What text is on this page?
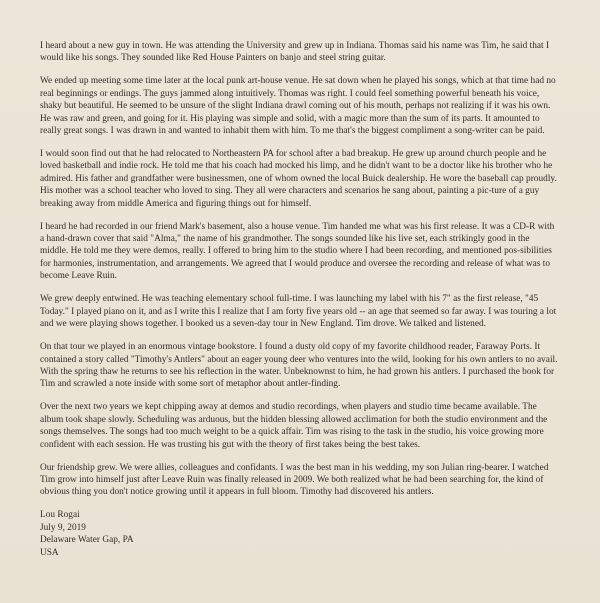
I heard about a new guy in town. He was attending the University and grew up in Indiana. Thomas said his name was Tim, he said that I would like his songs. They sounded like Red House Painters on banjo and steel string guitar.

We ended up meeting some time later at the local punk art-house venue. He sat down when he played his songs, which at that time had no real beginnings or endings. The guys jammed along intuitively. Thomas was right. I could feel something powerful beneath his voice, shaky but beautiful. He seemed to be unsure of the slight Indiana drawl coming out of his mouth, perhaps not realizing if it was his own. He was raw and green, and going for it. His playing was simple and solid, with a magic more than the sum of its parts. It amounted to really great songs. I was drawn in and wanted to inhabit them with him. To me that's the biggest compliment a song-writer can be paid.

I would soon find out that he had relocated to Northeastern PA for school after a bad breakup. He grew up around church people and he loved basketball and indie rock. He told me that his coach had mocked his limp, and he didn't want to be a doctor like his brother who he admired. His father and grandfather were businessmen, one of whom owned the local Buick dealership. He wore the baseball cap proudly. His mother was a school teacher who loved to sing. They all were characters and scenarios he sang about, painting a pic-ture of a guy breaking away from middle America and figuring things out for himself.

I heard he had recorded in our friend Mark's basement, also a house venue. Tim handed me what was his first release. It was a CD-R with a hand-drawn cover that said "Alma," the name of his grandmother. The songs sounded like his live set, each strikingly good in the middle. He told me they were demos, really. I offered to bring him to the studio where I had been recording, and mentioned pos-sibilities for harmonies, instrumentation, and arrangements. We agreed that I would produce and oversee the recording and release of what was to become Leave Ruin.

We grew deeply entwined. He was teaching elementary school full-time. I was launching my label with his 7" as the first release, "45 Today." I played piano on it, and as I write this I realize that I am forty five years old -- an age that seemed so far away. I was touring a lot and we were playing shows together. I booked us a seven-day tour in New England. Tim drove. We talked and listened.

On that tour we played in an enormous vintage bookstore. I found a dusty old copy of my favorite childhood reader, Faraway Ports. It contained a story called "Timothy's Antlers" about an eager young deer who ventures into the wild, looking for his own antlers to no avail. With the spring thaw he returns to see his reflection in the water. Unbeknownst to him, he had grown his antlers. I purchased the book for Tim and scrawled a note inside with some sort of metaphor about antler-finding.

Over the next two years we kept chipping away at demos and studio recordings, when players and studio time became available. The album took shape slowly. Scheduling was arduous, but the hidden blessing allowed acclimation for both the studio environment and the songs themselves. The songs had too much weight to be a quick affair. Tim was rising to the task in the studio, his voice growing more confident with each session. He was trusting his gut with the theory of first takes being the best takes.

Our friendship grew. We were allies, colleagues and confidants. I was the best man in his wedding, my son Julian ring-bearer. I watched Tim grow into himself just after Leave Ruin was finally released in 2009. We both realized what he had been searching for, the kind of obvious thing you don't notice growing until it appears in full bloom. Timothy had discovered his antlers.

Lou Rogai
July 9, 2019
Delaware Water Gap, PA
USA
